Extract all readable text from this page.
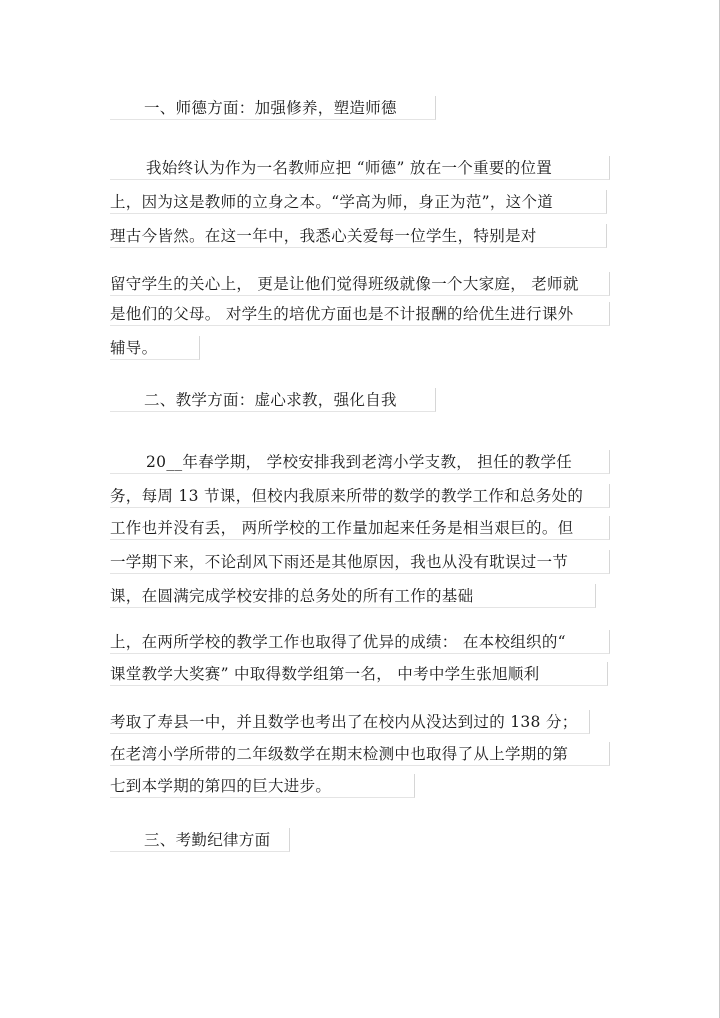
一、师德方面：加强修养，塑造师德
我始终认为作为一名教师应把 “师德” 放在一个重要的位置
上，因为这是教师的立身之本。“学高为师，身正为范”，这个道
理古今皆然。在这一年中，我悉心关爱每一位学生，特别是对
留守学生的关心上， 更是让他们觉得班级就像一个大家庭， 老师就
是他们的父母。 对学生的培优方面也是不计报酬的给优生进行课外
辅导。
二、教学方面：虚心求教，强化自我
20__年春学期， 学校安排我到老湾小学支教， 担任的教学任
务，每周 13 节课，但校内我原来所带的数学的教学工作和总务处的
工作也并没有丢， 两所学校的工作量加起来任务是相当艰巨的。但
一学期下来，不论刮风下雨还是其他原因，我也从没有耽误过一节
课，在圆满完成学校安排的总务处的所有工作的基础
上，在两所学校的教学工作也取得了优异的成绩： 在本校组织的“
课堂教学大奖赛” 中取得数学组第一名， 中考中学生张旭顺利
考取了寿县一中，并且数学也考出了在校内从没达到过的 138 分；
在老湾小学所带的二年级数学在期末检测中也取得了从上学期的第
七到本学期的第四的巨大进步。
三、考勤纪律方面
